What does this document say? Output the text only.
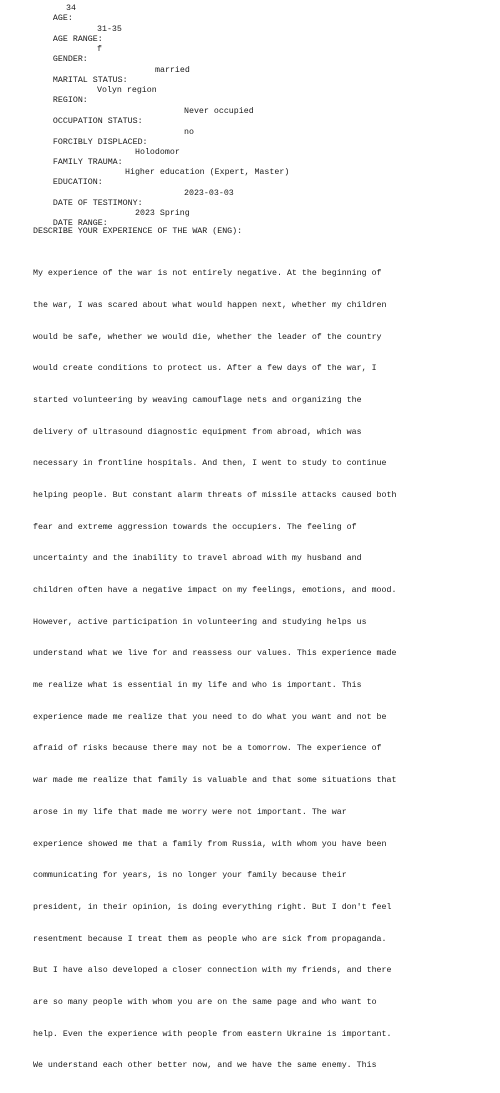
AGE:

34

AGE RANGE:

31-35

GENDER:

f

MARITAL STATUS:

married

REGION:

Volyn region

OCCUPATION STATUS:

Never occupied

FORCIBLY DISPLACED:

no

FAMILY TRAUMA:

Holodomor

EDUCATION:

Higher education (Expert, Master)

DATE OF TESTIMONY:

2023-03-03

DATE RANGE:

2023 Spring

DESCRIBE YOUR EXPERIENCE OF THE WAR (ENG):

My experience of the war is not entirely negative. At the beginning of

the war, I was scared about what would happen next, whether my children

would be safe, whether we would die, whether the leader of the country

would create conditions to protect us. After a few days of the war, I

started volunteering by weaving camouflage nets and organizing the

delivery of ultrasound diagnostic equipment from abroad, which was

necessary in frontline hospitals. And then, I went to study to continue

helping people. But constant alarm threats of missile attacks caused both

fear and extreme aggression towards the occupiers. The feeling of

uncertainty and the inability to travel abroad with my husband and

children often have a negative impact on my feelings, emotions, and mood.

However, active participation in volunteering and studying helps us

understand what we live for and reassess our values. This experience made

me realize what is essential in my life and who is important. This

experience made me realize that you need to do what you want and not be

afraid of risks because there may not be a tomorrow. The experience of

war made me realize that family is valuable and that some situations that

arose in my life that made me worry were not important. The war

experience showed me that a family from Russia, with whom you have been

communicating for years, is no longer your family because their

president, in their opinion, is doing everything right. But I don't feel

resentment because I treat them as people who are sick from propaganda.

But I have also developed a closer connection with my friends, and there

are so many people with whom you are on the same page and who want to

help. Even the experience with people from eastern Ukraine is important.

We understand each other better now, and we have the same enemy. This
